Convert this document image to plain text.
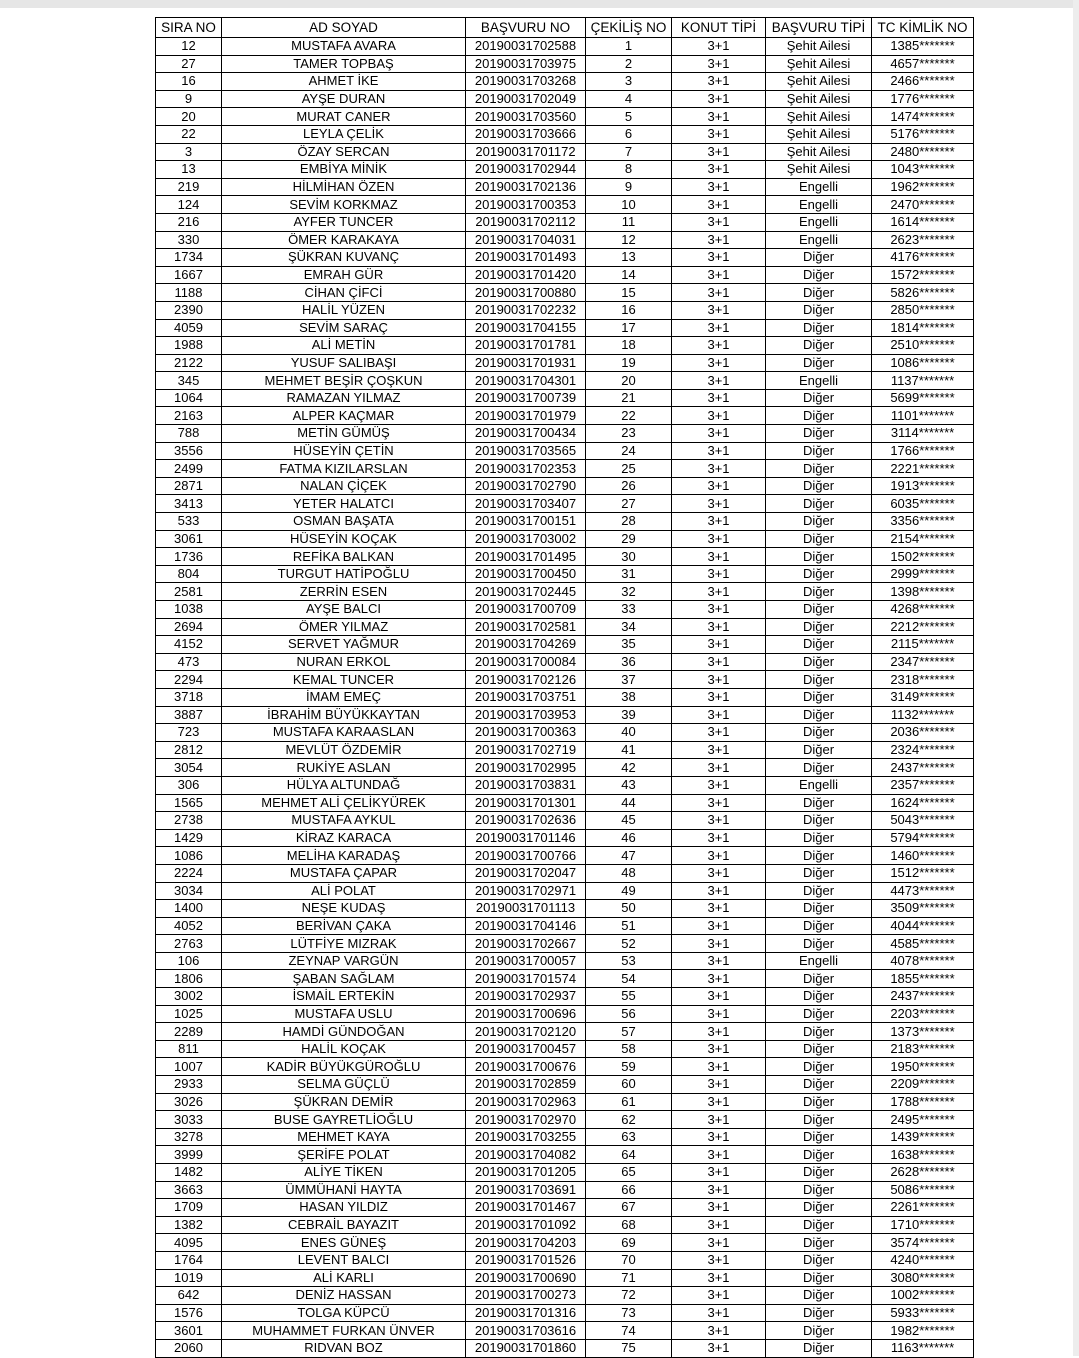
SIRA NO	AD SOYAD	BAŞVURU NO	ÇEKİLİŞ NO	KONUT TİPİ	BAŞVURU TİPİ	TC KİMLİK NO
12	MUSTAFA AVARA	20190031702588	1	3+1	Şehit Ailesi	1385*******
27	TAMER TOPBAŞ	20190031703975	2	3+1	Şehit Ailesi	4657*******
16	AHMET İKE	20190031703268	3	3+1	Şehit Ailesi	2466*******
9	AYŞE DURAN	20190031702049	4	3+1	Şehit Ailesi	1776*******
20	MURAT CANER	20190031703560	5	3+1	Şehit Ailesi	1474*******
22	LEYLA ÇELİK	20190031703666	6	3+1	Şehit Ailesi	5176*******
3	ÖZAY SERCAN	20190031701172	7	3+1	Şehit Ailesi	2480*******
13	EMBİYA MİNİK	20190031702944	8	3+1	Şehit Ailesi	1043*******
219	HİLMİHAN ÖZEN	20190031702136	9	3+1	Engelli	1962*******
124	SEVİM KORKMAZ	20190031700353	10	3+1	Engelli	2470*******
216	AYFER TUNCER	20190031702112	11	3+1	Engelli	1614*******
330	ÖMER KARAKAYA	20190031704031	12	3+1	Engelli	2623*******
1734	ŞÜKRAN KUVANÇ	20190031701493	13	3+1	Diğer	4176*******
1667	EMRAH GÜR	20190031701420	14	3+1	Diğer	1572*******
1188	CİHAN ÇİFCİ	20190031700880	15	3+1	Diğer	5826*******
2390	HALİL YÜZEN	20190031702232	16	3+1	Diğer	2850*******
4059	SEVİM SARAÇ	20190031704155	17	3+1	Diğer	1814*******
1988	ALİ METİN	20190031701781	18	3+1	Diğer	2510*******
2122	YUSUF SALIBAŞI	20190031701931	19	3+1	Diğer	1086*******
345	MEHMET BEŞİR ÇOŞKUN	20190031704301	20	3+1	Engelli	1137*******
1064	RAMAZAN YILMAZ	20190031700739	21	3+1	Diğer	5699*******
2163	ALPER KAÇMAR	20190031701979	22	3+1	Diğer	1101*******
788	METİN GÜMÜŞ	20190031700434	23	3+1	Diğer	3114*******
3556	HÜSEYİN ÇETİN	20190031703565	24	3+1	Diğer	1766*******
2499	FATMA KIZILARSLAN	20190031702353	25	3+1	Diğer	2221*******
2871	NALAN ÇİÇEK	20190031702790	26	3+1	Diğer	1913*******
3413	YETER HALATCI	20190031703407	27	3+1	Diğer	6035*******
533	OSMAN BAŞATA	20190031700151	28	3+1	Diğer	3356*******
3061	HÜSEYİN KOÇAK	20190031703002	29	3+1	Diğer	2154*******
1736	REFİKA BALKAN	20190031701495	30	3+1	Diğer	1502*******
804	TURGUT HATİPOĞLU	20190031700450	31	3+1	Diğer	2999*******
2581	ZERRİN ESEN	20190031702445	32	3+1	Diğer	1398*******
1038	AYŞE BALCI	20190031700709	33	3+1	Diğer	4268*******
2694	ÖMER YILMAZ	20190031702581	34	3+1	Diğer	2212*******
4152	SERVET YAĞMUR	20190031704269	35	3+1	Diğer	2115*******
473	NURAN ERKOL	20190031700084	36	3+1	Diğer	2347*******
2294	KEMAL TUNCER	20190031702126	37	3+1	Diğer	2318*******
3718	İMAM EMEÇ	20190031703751	38	3+1	Diğer	3149*******
3887	İBRAHİM BÜYÜKKAYTAN	20190031703953	39	3+1	Diğer	1132*******
723	MUSTAFA KARAASLAN	20190031700363	40	3+1	Diğer	2036*******
2812	MEVLÜT ÖZDEMİR	20190031702719	41	3+1	Diğer	2324*******
3054	RUKİYE ASLAN	20190031702995	42	3+1	Diğer	2437*******
306	HÜLYA ALTUNDAĞ	20190031703831	43	3+1	Engelli	2357*******
1565	MEHMET ALİ ÇELİKYÜREK	20190031701301	44	3+1	Diğer	1624*******
2738	MUSTAFA AYKUL	20190031702636	45	3+1	Diğer	5043*******
1429	KİRAZ KARACA	20190031701146	46	3+1	Diğer	5794*******
1086	MELİHA KARADAŞ	20190031700766	47	3+1	Diğer	1460*******
2224	MUSTAFA ÇAPAR	20190031702047	48	3+1	Diğer	1512*******
3034	ALİ POLAT	20190031702971	49	3+1	Diğer	4473*******
1400	NEŞE KUDAŞ	20190031701113	50	3+1	Diğer	3509*******
4052	BERİVAN ÇAKA	20190031704146	51	3+1	Diğer	4044*******
2763	LÜTFİYE MIZRAK	20190031702667	52	3+1	Diğer	4585*******
106	ZEYNAP VARGÜN	20190031700057	53	3+1	Engelli	4078*******
1806	ŞABAN SAĞLAM	20190031701574	54	3+1	Diğer	1855*******
3002	İSMAİL ERTEKİN	20190031702937	55	3+1	Diğer	2437*******
1025	MUSTAFA USLU	20190031700696	56	3+1	Diğer	2203*******
2289	HAMDİ GÜNDOĞAN	20190031702120	57	3+1	Diğer	1373*******
811	HALİL KOÇAK	20190031700457	58	3+1	Diğer	2183*******
1007	KADİR BÜYÜKGÜROĞLU	20190031700676	59	3+1	Diğer	1950*******
2933	SELMA GÜÇLÜ	20190031702859	60	3+1	Diğer	2209*******
3026	ŞÜKRAN DEMİR	20190031702963	61	3+1	Diğer	1788*******
3033	BUSE GAYRETLİOĞLU	20190031702970	62	3+1	Diğer	2495*******
3278	MEHMET KAYA	20190031703255	63	3+1	Diğer	1439*******
3999	ŞERİFE POLAT	20190031704082	64	3+1	Diğer	1638*******
1482	ALİYE TİKEN	20190031701205	65	3+1	Diğer	2628*******
3663	ÜMMÜHANİ HAYTA	20190031703691	66	3+1	Diğer	5086*******
1709	HASAN YILDIZ	20190031701467	67	3+1	Diğer	2261*******
1382	CEBRAİL BAYAZIT	20190031701092	68	3+1	Diğer	1710*******
4095	ENES GÜNEŞ	20190031704203	69	3+1	Diğer	3574*******
1764	LEVENT BALCI	20190031701526	70	3+1	Diğer	4240*******
1019	ALİ KARLI	20190031700690	71	3+1	Diğer	3080*******
642	DENİZ HASSAN	20190031700273	72	3+1	Diğer	1002*******
1576	TOLGA KÜPCÜ	20190031701316	73	3+1	Diğer	5933*******
3601	MUHAMMET FURKAN ÜNVER	20190031703616	74	3+1	Diğer	1982*******
2060	RIDVAN BOZ	20190031701860	75	3+1	Diğer	1163*******
